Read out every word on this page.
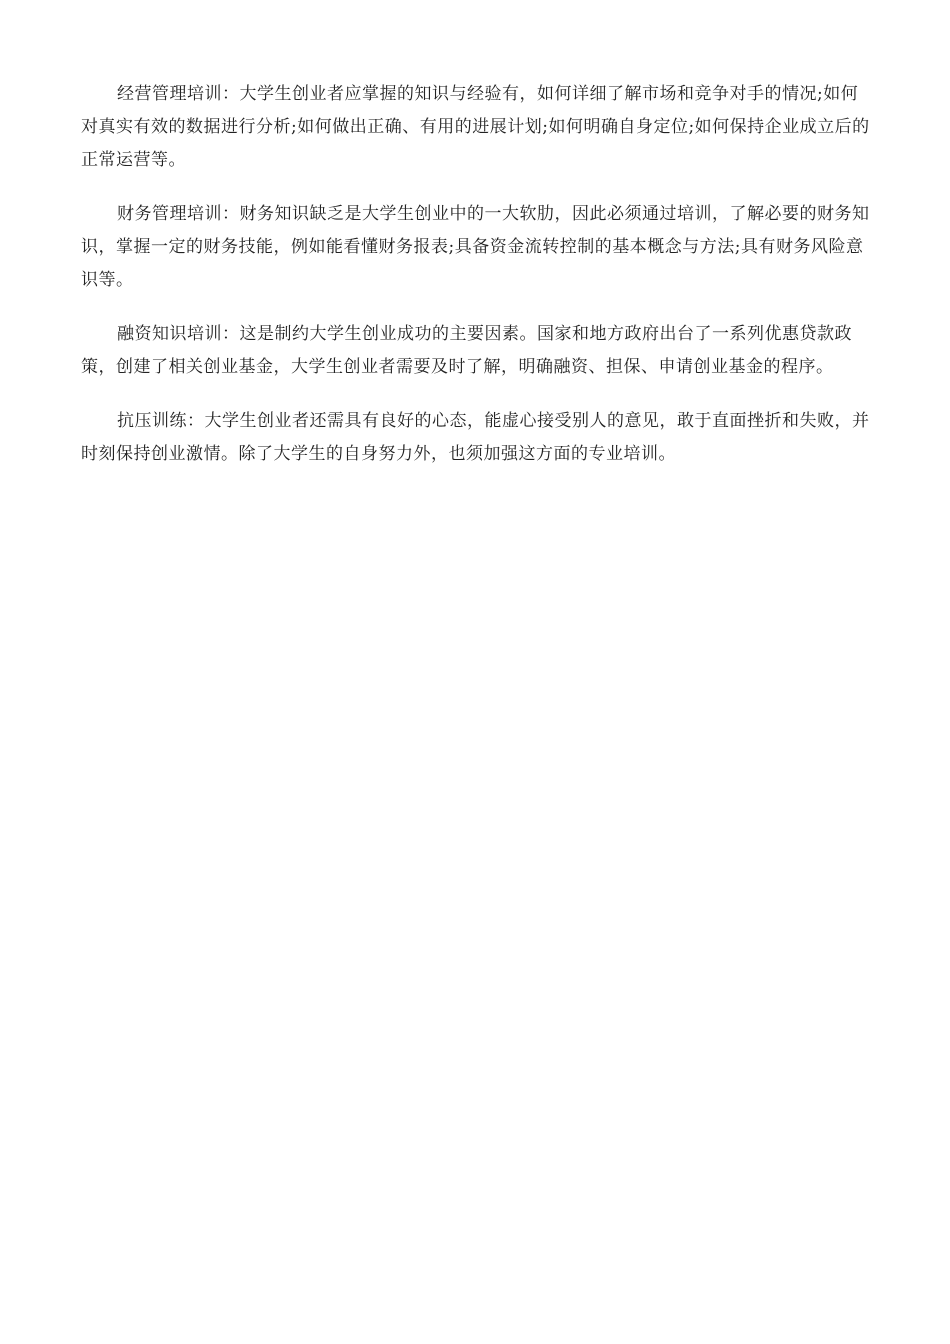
经营管理培训：大学生创业者应掌握的知识与经验有，如何详细了解市场和竞争对手的情况;如何对真实有效的数据进行分析;如何做出正确、有用的进展计划;如何明确自身定位;如何保持企业成立后的正常运营等。

财务管理培训：财务知识缺乏是大学生创业中的一大软肋，因此必须通过培训，了解必要的财务知识，掌握一定的财务技能，例如能看懂财务报表;具备资金流转控制的基本概念与方法;具有财务风险意识等。

融资知识培训：这是制约大学生创业成功的主要因素。国家和地方政府出台了一系列优惠贷款政策，创建了相关创业基金，大学生创业者需要及时了解，明确融资、担保、申请创业基金的程序。

抗压训练：大学生创业者还需具有良好的心态，能虚心接受别人的意见，敢于直面挫折和失败，并时刻保持创业激情。除了大学生的自身努力外，也须加强这方面的专业培训。
